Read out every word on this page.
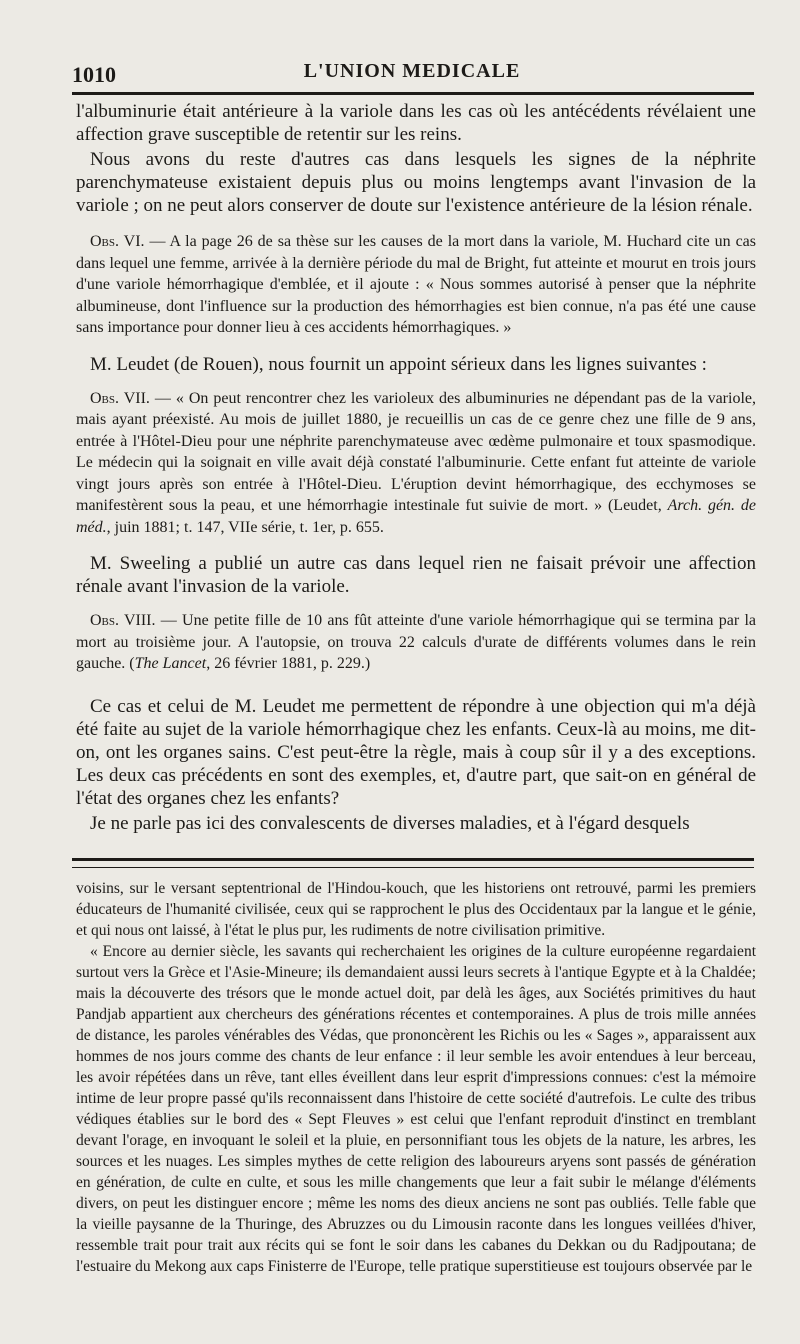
1010	L'UNION MEDICALE

l'albuminurie était antérieure à la variole dans les cas où les antécédents révélaient une affection grave susceptible de retentir sur les reins.

Nous avons du reste d'autres cas dans lesquels les signes de la néphrite parenchymateuse existaient depuis plus ou moins lengtemps avant l'invasion de la variole ; on ne peut alors conserver de doute sur l'existence antérieure de la lésion rénale.

Obs. VI. — A la page 26 de sa thèse sur les causes de la mort dans la variole, M. Huchard cite un cas dans lequel une femme, arrivée à la dernière période du mal de Bright, fut atteinte et mourut en trois jours d'une variole hémorrhagique d'emblée, et il ajoute : « Nous sommes autorisé à penser que la néphrite albumineuse, dont l'influence sur la production des hémorrhagies est bien connue, n'a pas été une cause sans importance pour donner lieu à ces accidents hémorrhagiques. »

M. Leudet (de Rouen), nous fournit un appoint sérieux dans les lignes suivantes :

Obs. VII. — « On peut rencontrer chez les varioleux des albuminuries ne dépendant pas de la variole, mais ayant préexisté. Au mois de juillet 1880, je recueillis un cas de ce genre chez une fille de 9 ans, entrée à l'Hôtel-Dieu pour une néphrite parenchymateuse avec œdème pulmonaire et toux spasmodique. Le médecin qui la soignait en ville avait déjà constaté l'albuminurie. Cette enfant fut atteinte de variole vingt jours après son entrée à l'Hôtel-Dieu. L'éruption devint hémorrhagique, des ecchymoses se manifestèrent sous la peau, et une hémorrhagie intestinale fut suivie de mort. » (Leudet, Arch. gén. de méd., juin 1881; t. 147, VIIe série, t. 1er, p. 655.

M. Sweeling a publié un autre cas dans lequel rien ne faisait prévoir une affection rénale avant l'invasion de la variole.

Obs. VIII. — Une petite fille de 10 ans fût atteinte d'une variole hémorrhagique qui se termina par la mort au troisième jour. A l'autopsie, on trouva 22 calculs d'urate de différents volumes dans le rein gauche. (The Lancet, 26 février 1881, p. 229.)

Ce cas et celui de M. Leudet me permettent de répondre à une objection qui m'a déjà été faite au sujet de la variole hémorrhagique chez les enfants. Ceux-là au moins, me dit-on, ont les organes sains. C'est peut-être la règle, mais à coup sûr il y a des exceptions. Les deux cas précédents en sont des exemples, et, d'autre part, que sait-on en général de l'état des organes chez les enfants?

Je ne parle pas ici des convalescents de diverses maladies, et à l'égard desquels

voisins, sur le versant septentrional de l'Hindou-kouch, que les historiens ont retrouvé, parmi les premiers éducateurs de l'humanité civilisée, ceux qui se rapprochent le plus des Occidentaux par la langue et le génie, et qui nous ont laissé, à l'état le plus pur, les rudiments de notre civilisation primitive.

« Encore au dernier siècle, les savants qui recherchaient les origines de la culture européenne regardaient surtout vers la Grèce et l'Asie-Mineure; ils demandaient aussi leurs secrets à l'antique Egypte et à la Chaldée; mais la découverte des trésors que le monde actuel doit, par delà les âges, aux Sociétés primitives du haut Pandjab appartient aux chercheurs des générations récentes et contemporaines. A plus de trois mille années de distance, les paroles vénérables des Védas, que prononcèrent les Richis ou les « Sages », apparaissent aux hommes de nos jours comme des chants de leur enfance : il leur semble les avoir entendues à leur berceau, les avoir répétées dans un rêve, tant elles éveillent dans leur esprit d'impressions connues: c'est la mémoire intime de leur propre passé qu'ils reconnaissent dans l'histoire de cette société d'autrefois. Le culte des tribus védiques établies sur le bord des « Sept Fleuves » est celui que l'enfant reproduit d'instinct en tremblant devant l'orage, en invoquant le soleil et la pluie, en personnifiant tous les objets de la nature, les arbres, les sources et les nuages. Les simples mythes de cette religion des laboureurs aryens sont passés de génération en génération, de culte en culte, et sous les mille changements que leur a fait subir le mélange d'éléments divers, on peut les distinguer encore ; même les noms des dieux anciens ne sont pas oubliés. Telle fable que la vieille paysanne de la Thuringe, des Abruzzes ou du Limousin raconte dans les longues veillées d'hiver, ressemble trait pour trait aux récits qui se font le soir dans les cabanes du Dekkan ou du Radjpoutana; de l'estuaire du Mekong aux caps Finisterre de l'Europe, telle pratique superstitieuse est toujours observée par le
